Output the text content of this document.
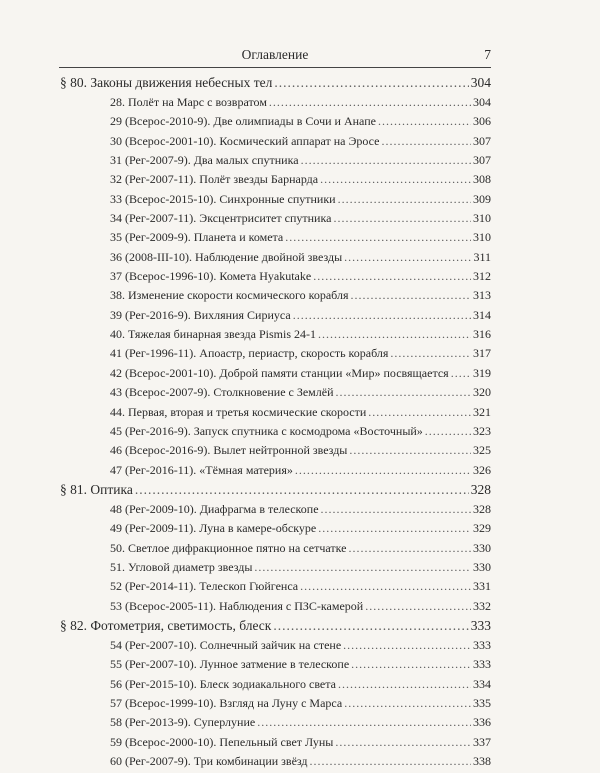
Оглавление	7
§ 80. Законы движения небесных тел .....	304
28. Полёт на Марс с возвратом .....	304
29 (Всерос-2010-9). Две олимпиады в Сочи и Анапе .....	306
30 (Всерос-2001-10). Космический аппарат на Эросе .....	307
31 (Рег-2007-9). Два малых спутника .....	307
32 (Рег-2007-11). Полёт звезды Барнарда .....	308
33 (Всерос-2015-10). Синхронные спутники .....	309
34 (Рег-2007-11). Эксцентриситет спутника .....	310
35 (Рег-2009-9). Планета и комета .....	310
36 (2008-III-10). Наблюдение двойной звезды .....	311
37 (Всерос-1996-10). Комета Hyakutake .....	312
38. Изменение скорости космического корабля .....	313
39 (Рег-2016-9). Вихляния Сириуса .....	314
40. Тяжелая бинарная звезда Pismis 24-1 .....	316
41 (Рег-1996-11). Апоастр, периастр, скорость корабля .....	317
42 (Всерос-2001-10). Доброй памяти станции «Мир» посвящается ..... 319
43 (Всерос-2007-9). Столкновение с Землёй .....	320
44. Первая, вторая и третья космические скорости .....	321
45 (Рег-2016-9). Запуск спутника с космодрома «Восточный» .....	323
46 (Всерос-2016-9). Вылет нейтронной звезды .....	325
47 (Рег-2016-11). «Тёмная материя» .....	326
§ 81. Оптика .....	328
48 (Рег-2009-10). Диафрагма в телескопе .....	328
49 (Рег-2009-11). Луна в камере-обскуре .....	329
50. Светлое дифракционное пятно на сетчатке .....	330
51. Угловой диаметр звезды .....	330
52 (Рег-2014-11). Телескоп Гюйгенса .....	331
53 (Всерос-2005-11). Наблюдения с ПЗС-камерой .....	332
§ 82. Фотометрия, светимость, блеск .....	333
54 (Рег-2007-10). Солнечный зайчик на стене .....	333
55 (Рег-2007-10). Лунное затмение в телескопе .....	333
56 (Рег-2015-10). Блеск зодиакального света .....	334
57 (Всерос-1999-10). Взгляд на Луну с Марса .....	335
58 (Рег-2013-9). Суперлуние .....	336
59 (Всерос-2000-10). Пепельный свет Луны .....	337
60 (Рег-2007-9). Три комбинации звёзд .....	338
